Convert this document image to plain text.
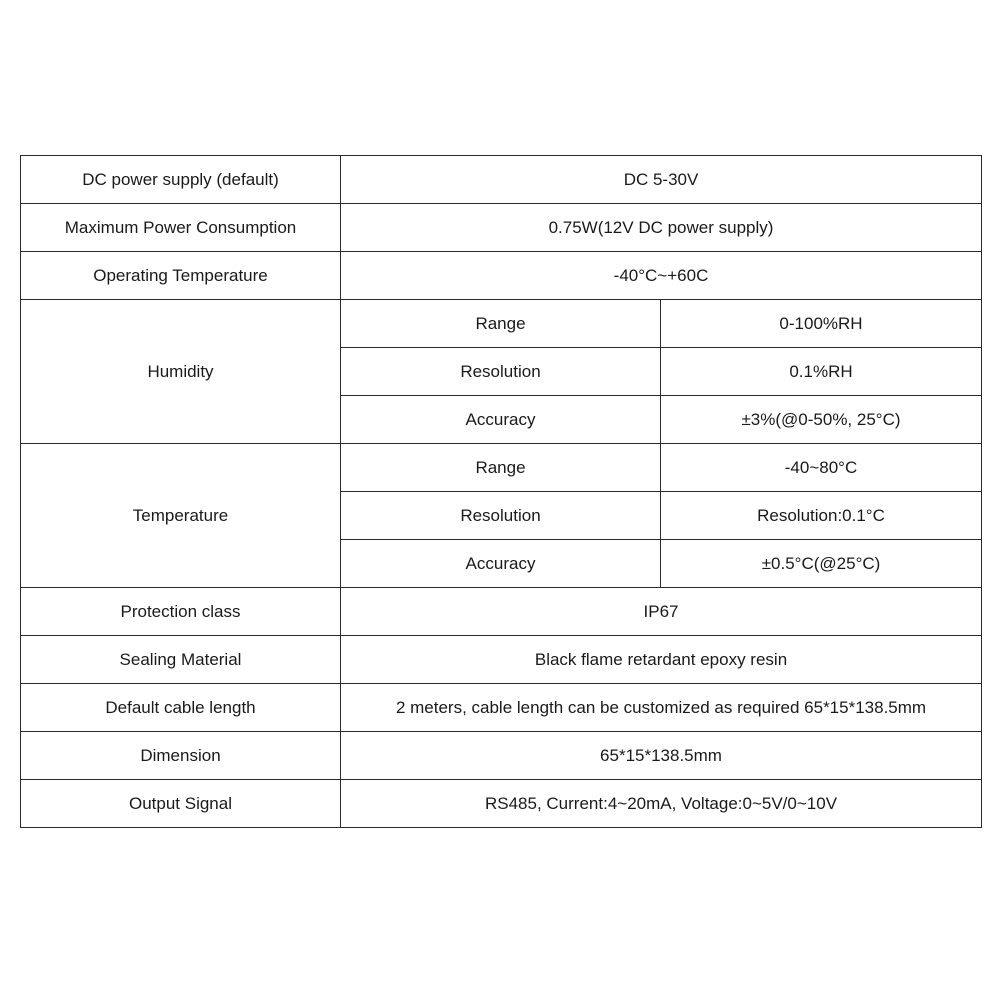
DC power supply (default)	DC 5-30V	
Maximum Power Consumption	0.75W(12V DC power supply)	
Operating Temperature	-40°C~+60C	
Humidity	Range	0-100%RH
	Resolution	0.1%RH
	Accuracy	±3%(@0-50%, 25°C)
Temperature	Range	-40~80°C
	Resolution	Resolution:0.1°C
	Accuracy	±0.5°C(@25°C)
Protection class	IP67	
Sealing Material	Black flame retardant epoxy resin	
Default cable length	2 meters, cable length can be customized as required 65*15*138.5mm	
Dimension	65*15*138.5mm	
Output Signal	RS485, Current:4~20mA, Voltage:0~5V/0~10V	
